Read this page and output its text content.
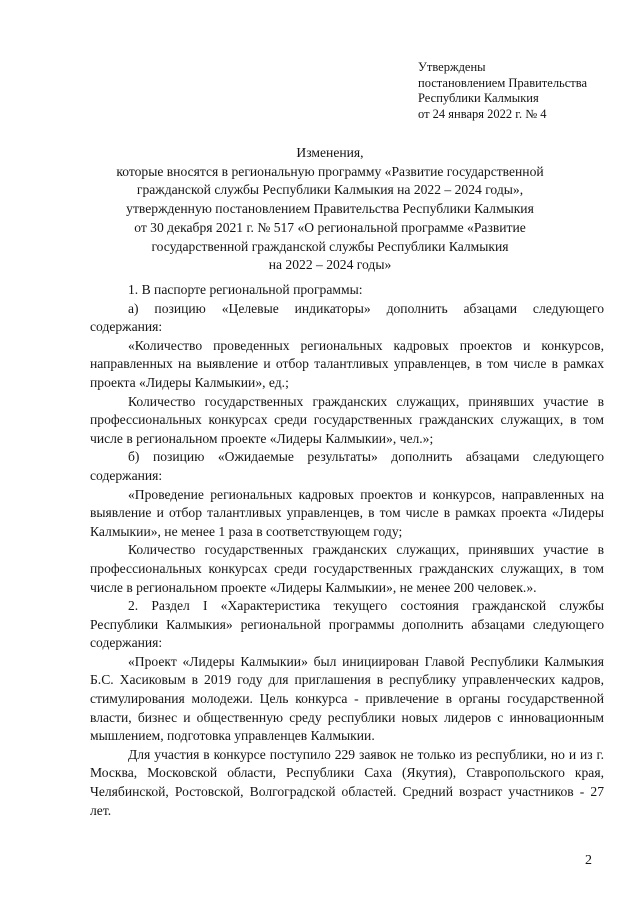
Утверждены
постановлением Правительства
Республики Калмыкия
от 24 января 2022 г. № 4
Изменения,
которые вносятся в региональную программу «Развитие государственной
гражданской службы Республики Калмыкия на 2022 – 2024 годы»,
утвержденную постановлением Правительства Республики Калмыкия
от 30 декабря 2021 г. № 517 «О региональной программе «Развитие
государственной гражданской службы Республики Калмыкия
на 2022 – 2024 годы»

1. В паспорте региональной программы:

а) позицию «Целевые индикаторы» дополнить абзацами следующего содержания:

«Количество проведенных региональных кадровых проектов и конкурсов, направленных на выявление и отбор талантливых управленцев, в том числе в рамках проекта «Лидеры Калмыкии», ед.;

Количество государственных гражданских служащих, принявших участие в профессиональных конкурсах среди государственных гражданских служащих, в том числе в региональном проекте «Лидеры Калмыкии», чел.»;

б) позицию «Ожидаемые результаты» дополнить абзацами следующего содержания:

«Проведение региональных кадровых проектов и конкурсов, направленных на выявление и отбор талантливых управленцев, в том числе в рамках проекта «Лидеры Калмыкии», не менее 1 раза в соответствующем году;

Количество государственных гражданских служащих, принявших участие в профессиональных конкурсах среди государственных гражданских служащих, в том числе в региональном проекте «Лидеры Калмыкии», не менее 200 человек.».

2. Раздел I «Характеристика текущего состояния гражданской службы Республики Калмыкия» региональной программы дополнить абзацами следующего содержания:

«Проект «Лидеры Калмыкии» был инициирован Главой Республики Калмыкия Б.С. Хасиковым в 2019 году для приглашения в республику управленческих кадров, стимулирования молодежи. Цель конкурса - привлечение в органы государственной власти, бизнес и общественную среду республики новых лидеров с инновационным мышлением, подготовка управленцев Калмыкии.

Для участия в конкурсе поступило 229 заявок не только из республики, но и из г. Москва, Московской области, Республики Саха (Якутия), Ставропольского края, Челябинской, Ростовской, Волгоградской областей. Средний возраст участников - 27 лет.

2
